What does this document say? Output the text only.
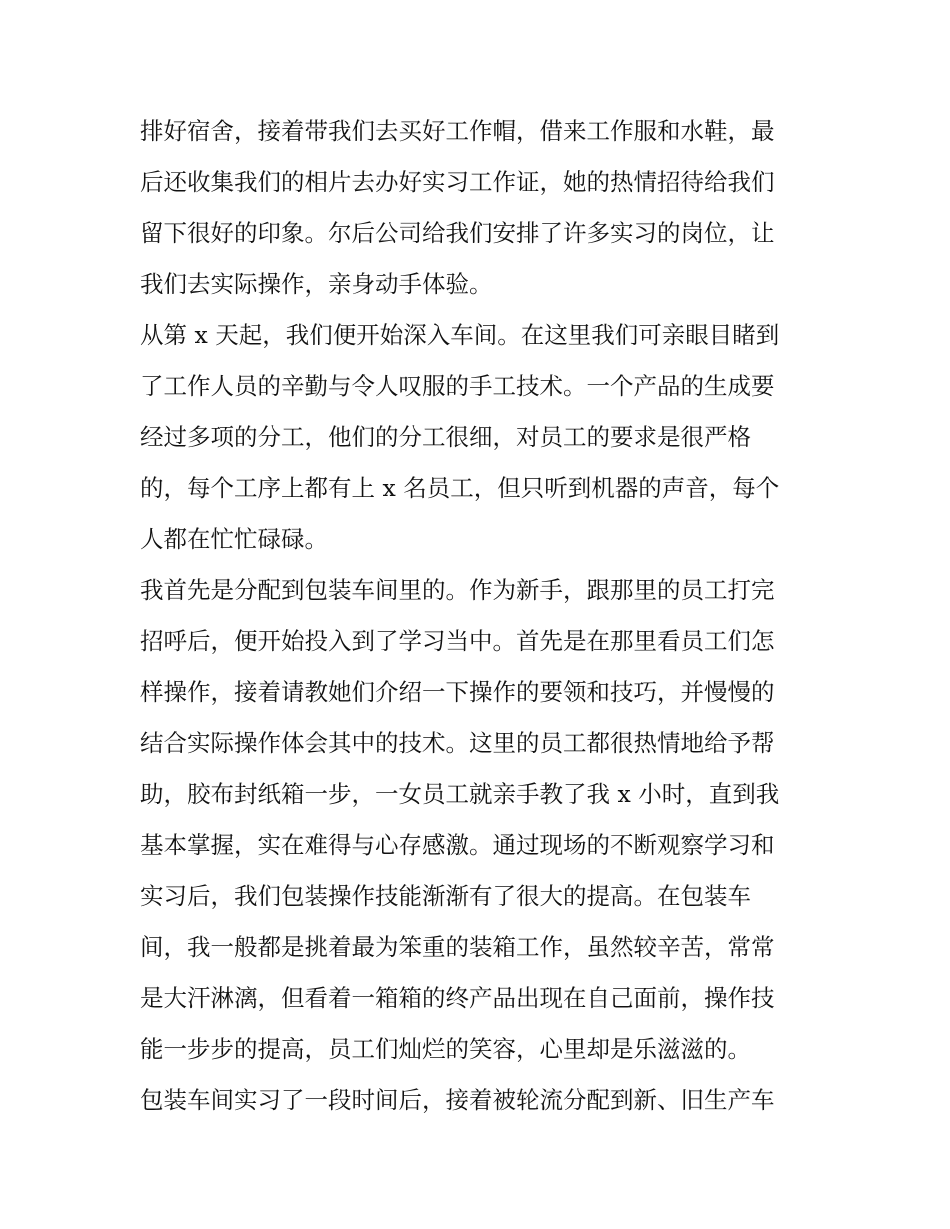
排好宿舍，接着带我们去买好工作帽，借来工作服和水鞋，最
后还收集我们的相片去办好实习工作证，她的热情招待给我们
留下很好的印象。尔后公司给我们安排了许多实习的岗位，让
我们去实际操作，亲身动手体验。
从第 x 天起，我们便开始深入车间。在这里我们可亲眼目睹到
了工作人员的辛勤与令人叹服的手工技术。一个产品的生成要
经过多项的分工，他们的分工很细，对员工的要求是很严格
的，每个工序上都有上 x 名员工，但只听到机器的声音，每个
人都在忙忙碌碌。
我首先是分配到包装车间里的。作为新手，跟那里的员工打完
招呼后，便开始投入到了学习当中。首先是在那里看员工们怎
样操作，接着请教她们介绍一下操作的要领和技巧，并慢慢的
结合实际操作体会其中的技术。这里的员工都很热情地给予帮
助，胶布封纸箱一步，一女员工就亲手教了我 x 小时，直到我
基本掌握，实在难得与心存感激。通过现场的不断观察学习和
实习后，我们包装操作技能渐渐有了很大的提高。在包装车
间，我一般都是挑着最为笨重的装箱工作，虽然较辛苦，常常
是大汗淋漓，但看着一箱箱的终产品出现在自己面前，操作技
能一步步的提高，员工们灿烂的笑容，心里却是乐滋滋的。
包装车间实习了一段时间后，接着被轮流分配到新、旧生产车
